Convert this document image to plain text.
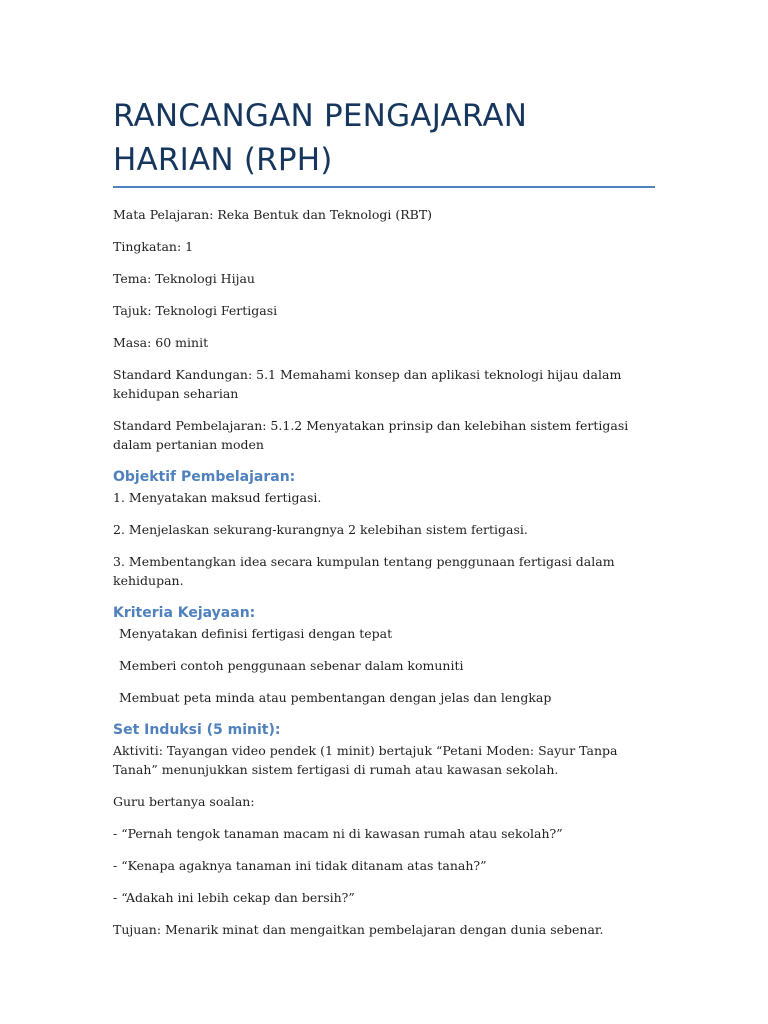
RANCANGAN PENGAJARAN HARIAN (RPH)

Mata Pelajaran: Reka Bentuk dan Teknologi (RBT)

Tingkatan: 1

Tema: Teknologi Hijau

Tajuk: Teknologi Fertigasi

Masa: 60 minit

Standard Kandungan: 5.1 Memahami konsep dan aplikasi teknologi hijau dalam kehidupan seharian

Standard Pembelajaran: 5.1.2 Menyatakan prinsip dan kelebihan sistem fertigasi dalam pertanian moden

Objektif Pembelajaran:

1. Menyatakan maksud fertigasi.

2. Menjelaskan sekurang-kurangnya 2 kelebihan sistem fertigasi.

3. Membentangkan idea secara kumpulan tentang penggunaan fertigasi dalam kehidupan.

Kriteria Kejayaan:

Menyatakan definisi fertigasi dengan tepat

Memberi contoh penggunaan sebenar dalam komuniti

Membuat peta minda atau pembentangan dengan jelas dan lengkap

Set Induksi (5 minit):

Aktiviti: Tayangan video pendek (1 minit) bertajuk “Petani Moden: Sayur Tanpa Tanah” menunjukkan sistem fertigasi di rumah atau kawasan sekolah.

Guru bertanya soalan:

- “Pernah tengok tanaman macam ni di kawasan rumah atau sekolah?”

- “Kenapa agaknya tanaman ini tidak ditanam atas tanah?”

- “Adakah ini lebih cekap dan bersih?”

Tujuan: Menarik minat dan mengaitkan pembelajaran dengan dunia sebenar.
